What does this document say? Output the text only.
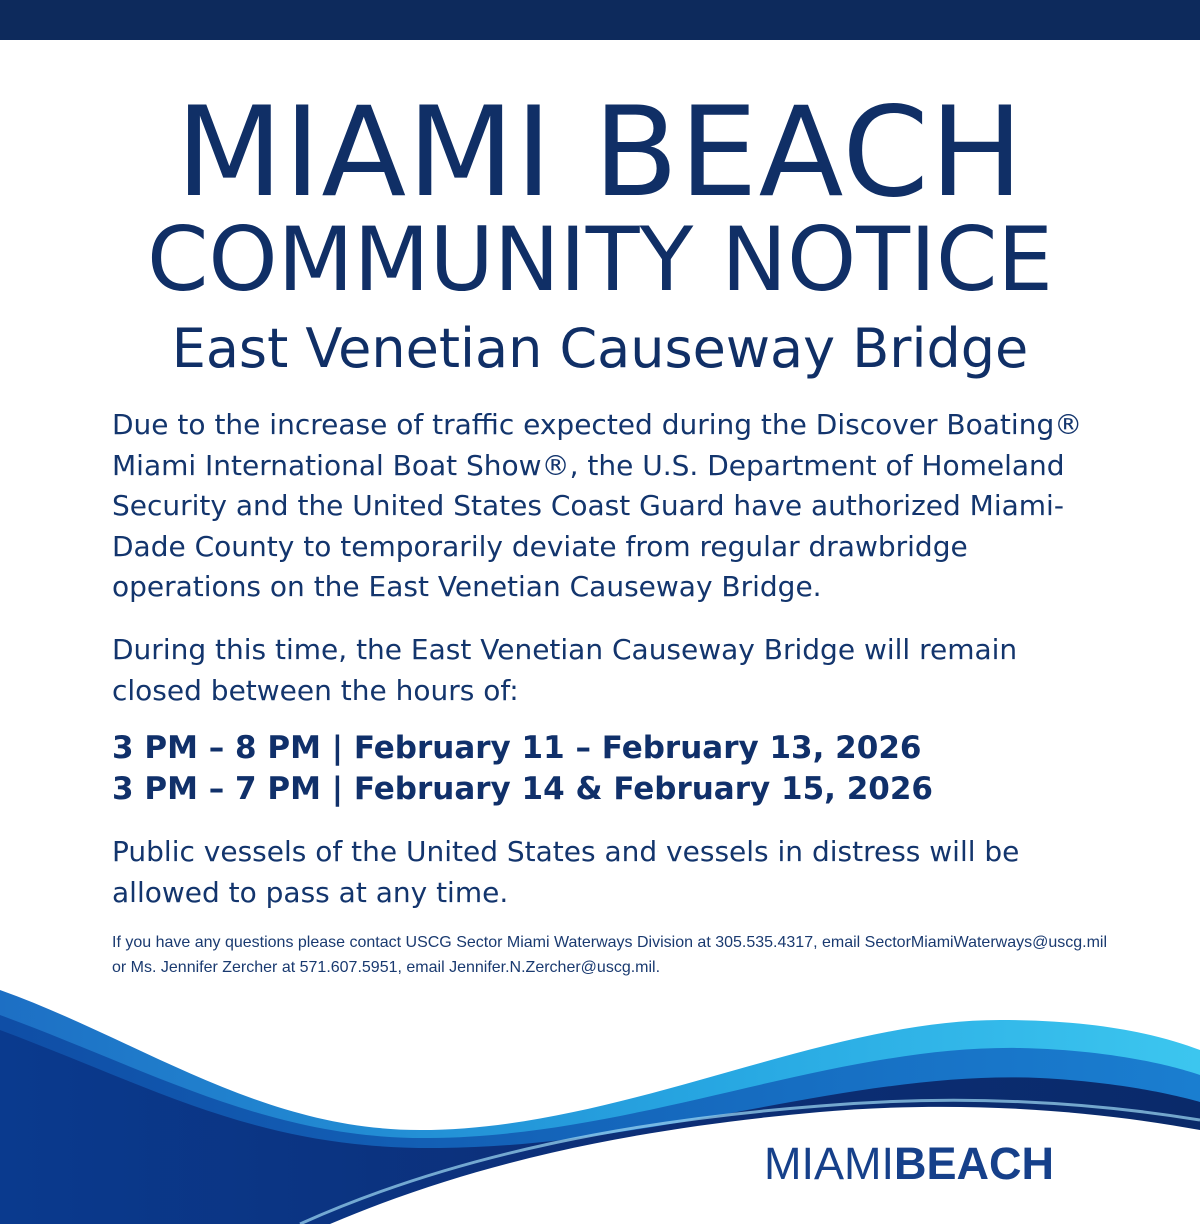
MIAMI BEACH
COMMUNITY NOTICE
East Venetian Causeway Bridge
Due to the increase of traffic expected during the Discover Boating® Miami International Boat Show®, the U.S. Department of Homeland Security and the United States Coast Guard have authorized Miami-Dade County to temporarily deviate from regular drawbridge operations on the East Venetian Causeway Bridge.
During this time, the East Venetian Causeway Bridge will remain closed between the hours of:
3 PM – 8 PM | February 11 – February 13, 2026
3 PM – 7 PM | February 14 & February 15, 2026
Public vessels of the United States and vessels in distress will be allowed to pass at any time.
If you have any questions please contact USCG Sector Miami Waterways Division at 305.535.4317, email SectorMiamiWaterways@uscg.mil or Ms. Jennifer Zercher at 571.607.5951, email Jennifer.N.Zercher@uscg.mil.
MIAMIBEACH
